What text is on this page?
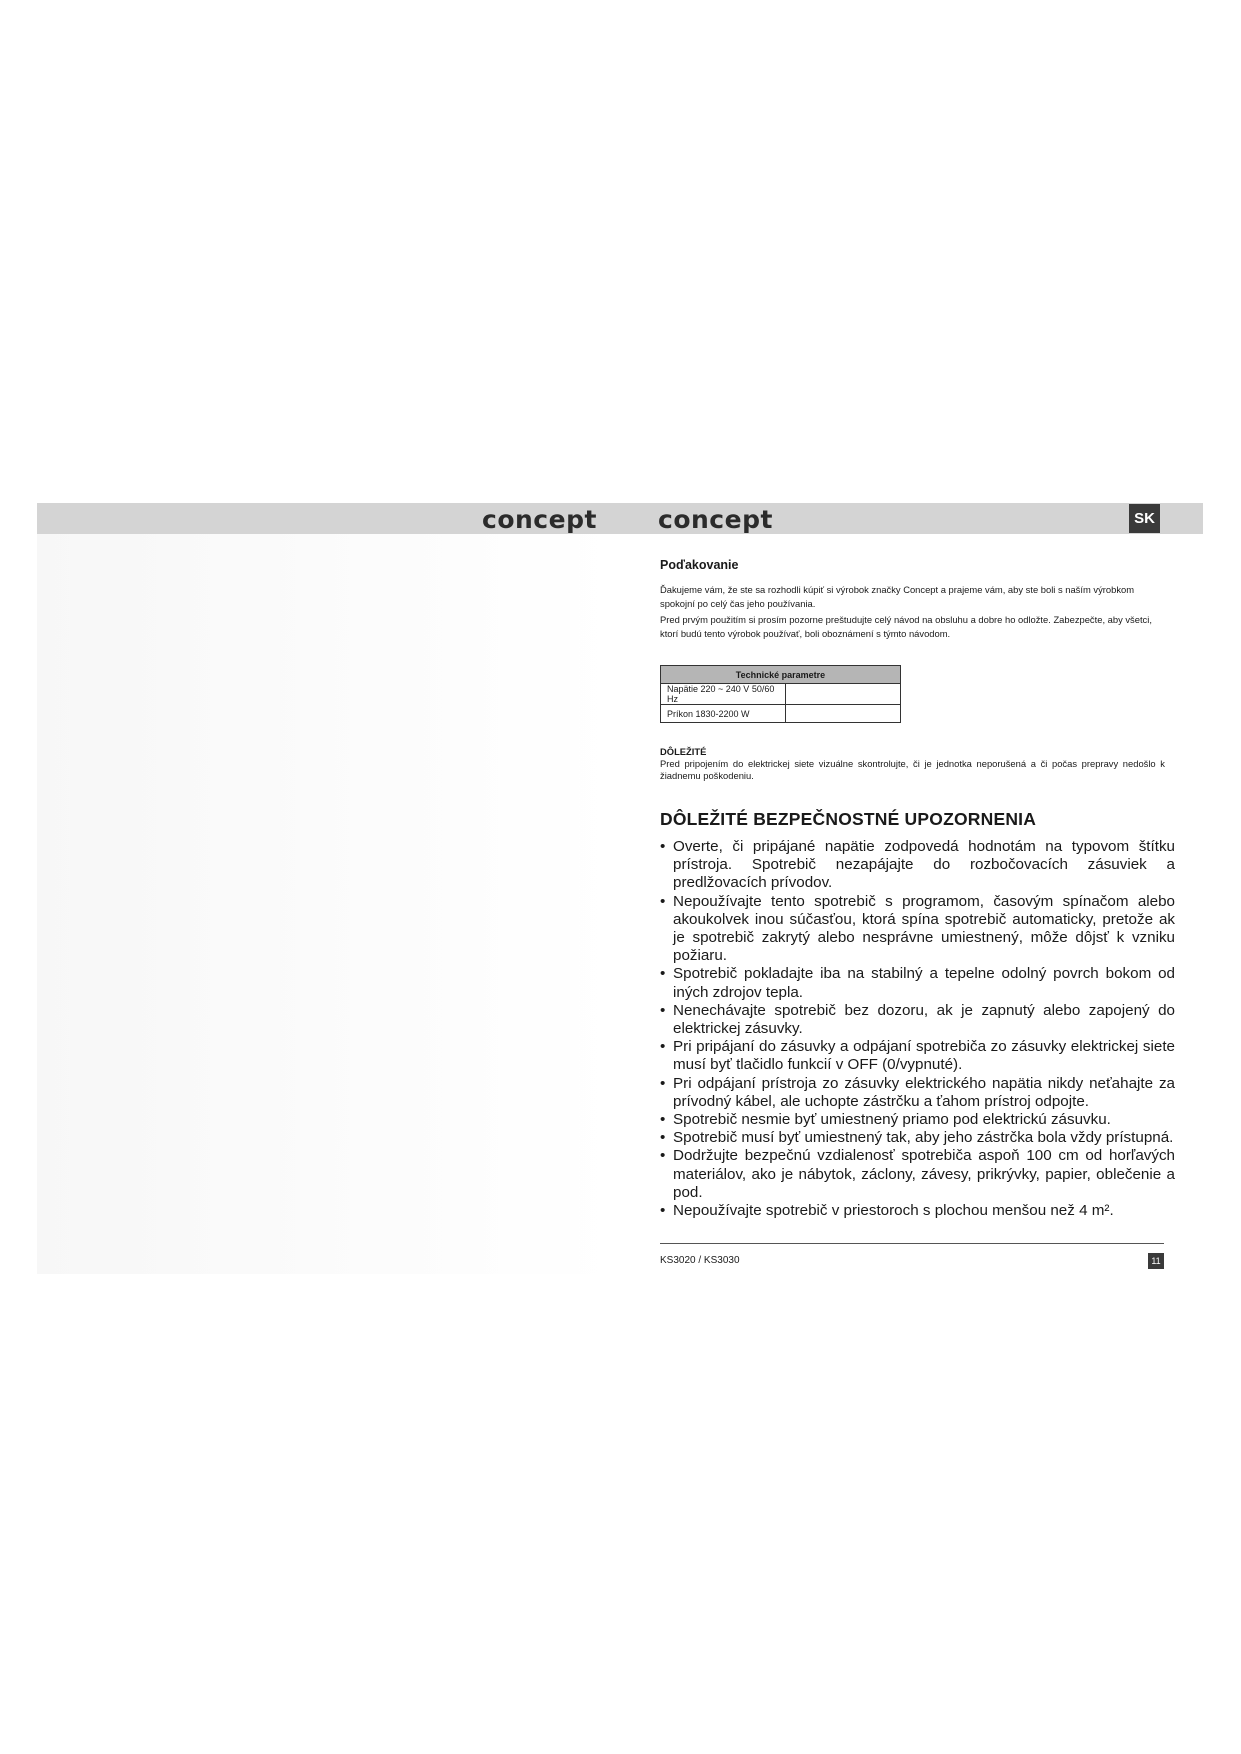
concept concept	SK
Poďakovanie

Ďakujeme vám, že ste sa rozhodli kúpiť si výrobok značky Concept a prajeme vám, aby ste boli s naším výrobkom spokojní po celý čas jeho používania.

Pred prvým použitím si prosím pozorne preštudujte celý návod na obsluhu a dobre ho odložte. Zabezpečte, aby všetci, ktorí budú tento výrobok používať, boli oboznámení s týmto návodom.

Technické parametre	
Napätie 220 ~ 240 V 50/60 Hz	
Príkon 1830-2200 W	
DÔLEŽITÉ

Pred pripojením do elektrickej siete vizuálne skontrolujte, či je jednotka neporušená a či počas prepravy nedošlo k žiadnemu poškodeniu.

DÔLEŽITÉ BEZPEČNOSTNÉ UPOZORNENIA
• Overte, či pripájané napätie zodpovedá hodnotám na typovom štítku prístroja. Spotrebič nezapájajte do rozbočovacích zásuviek a predlžovacích prívodov.
• Nepoužívajte tento spotrebič s programom, časovým spínačom alebo akoukolvek inou súčasťou, ktorá spína spotrebič automaticky, pretože ak je spotrebič zakrytý alebo nesprávne umiestnený, môže dôjsť k vzniku požiaru.
• Spotrebič pokladajte iba na stabilný a tepelne odolný povrch bokom od iných zdrojov tepla.
• Nenechávajte spotrebič bez dozoru, ak je zapnutý alebo zapojený do elektrickej zásuvky.
• Pri pripájaní do zásuvky a odpájaní spotrebiča zo zásuvky elektrickej siete musí byť tlačidlo funkcií v OFF (0/vypnuté).
• Pri odpájaní prístroja zo zásuvky elektrického napätia nikdy neťahajte za prívodný kábel, ale uchopte zástrčku a ťahom prístroj odpojte.
• Spotrebič nesmie byť umiestnený priamo pod elektrickú zásuvku.
• Spotrebič musí byť umiestnený tak, aby jeho zástrčka bola vždy prístupná.
• Dodržujte bezpečnú vzdialenosť spotrebiča aspoň 100 cm od horľavých materiálov, ako je nábytok, záclony, závesy, prikrývky, papier, oblečenie a pod.
• Nepoužívajte spotrebič v priestoroch s plochou menšou než 4 m².
KS3020 / KS3030	11
